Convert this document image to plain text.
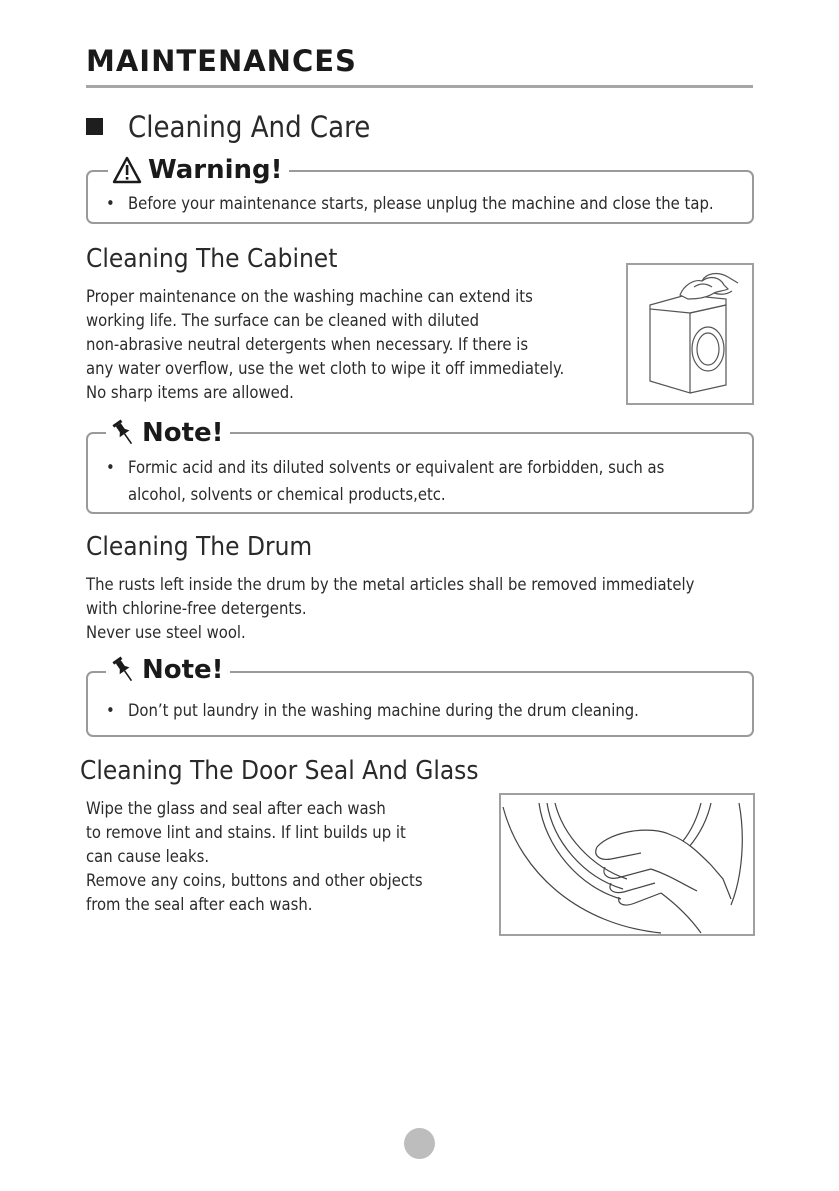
MAINTENANCES
Cleaning And Care
Warning!
• Before your maintenance starts, please unplug the machine and close the tap.
Cleaning The Cabinet
Proper maintenance on the washing machine can extend its
working life. The surface can be cleaned with diluted
non-abrasive neutral detergents when necessary. If there is
any water overflow, use the wet cloth to wipe it off immediately.
No sharp items are allowed.
Note!
• Formic acid and its diluted solvents or equivalent are forbidden, such as
alcohol, solvents or chemical products,etc.
Cleaning The Drum
The rusts left inside the drum by the metal articles shall be removed immediately
with chlorine-free detergents.
Never use steel wool.
Note!
• Don’t put laundry in the washing machine during the drum cleaning.
Cleaning The Door Seal And Glass
Wipe the glass and seal after each wash
to remove lint and stains. If lint builds up it
can cause leaks.
Remove any coins, buttons and other objects
from the seal after each wash.
